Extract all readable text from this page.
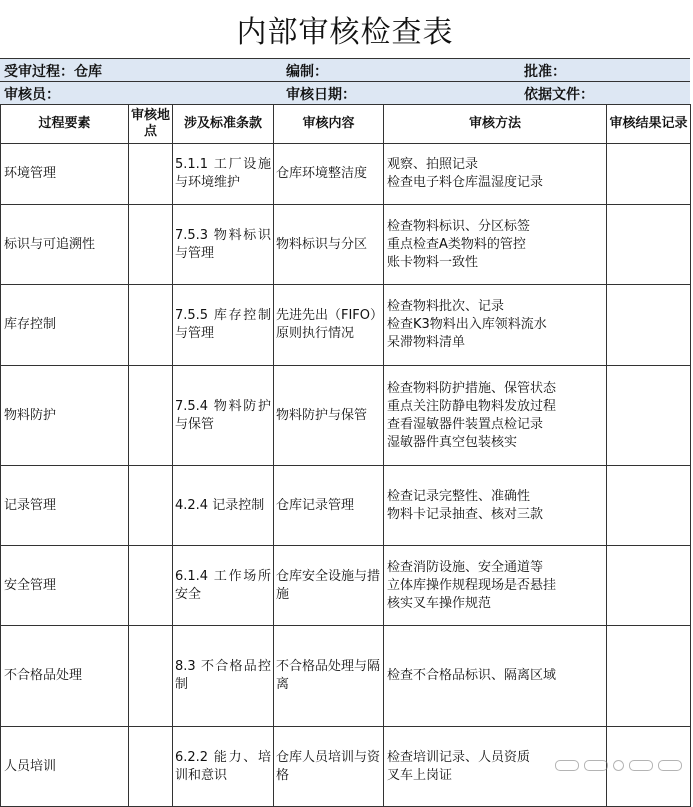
内部审核检查表
受审过程：仓库	编制：	批准：
审核员：	审核日期：	依据文件：
过程要素	审核地点	涉及标准条款	审核内容	审核方法	审核结果记录
环境管理		5.1.1 工厂设施与环境维护	仓库环境整洁度	观察、拍照记录
检查电子料仓库温湿度记录	

标识与可追溯性		7.5.3 物料标识与管理	物料标识与分区	检查物料标识、分区标签
重点检查A类物料的管控
账卡物料一致性	

库存控制		7.5.5 库存控制与管理	先进先出（FIFO）原则执行情况	检查物料批次、记录
检查K3物料出入库领料流水
呆滞物料清单	

物料防护		7.5.4 物料防护与保管	物料防护与保管	检查物料防护措施、保管状态
重点关注防静电物料发放过程
查看湿敏器件装置点检记录
湿敏器件真空包装核实	

记录管理		4.2.4 记录控制	仓库记录管理	检查记录完整性、准确性
物料卡记录抽查、核对三款	

安全管理		6.1.4 工作场所安全	仓库安全设施与措施	检查消防设施、安全通道等
立体库操作规程现场是否悬挂
核实叉车操作规范	

不合格品处理		8.3 不合格品控制	不合格品处理与隔离	检查不合格品标识、隔离区域	

人员培训		6.2.2 能力、培训和意识	仓库人员培训与资格	检查培训记录、人员资质
叉车上岗证	
